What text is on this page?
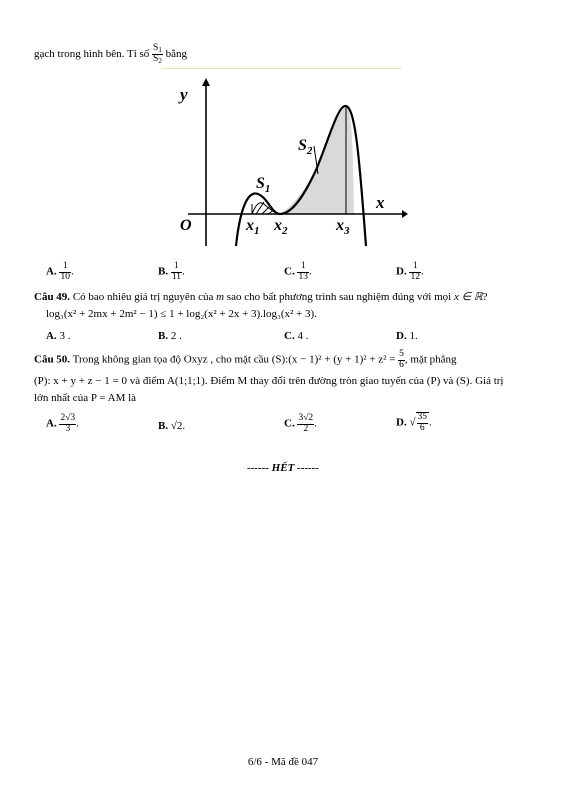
gạch trong hình bên. Tỉ số $\frac{S_1}{S_2}$ bằng
y
x
O
$S_1$
$S_2$
$x_1$ $x_2$	$x_3$
A. $\frac{1}{10}$ .	B. $\frac{1}{11}$ .	C. $\frac{1}{13}$ .	D. $\frac{1}{12}$ .
Câu 49. Có bao nhiêu giá trị nguyên của m sao cho bất phương trình sau nghiệm đúng với mọi x ∈ ℝ?
log₃(x² + 2mx + 2m² − 1) ≤ 1 + log₂(x² + 2x + 3).log₃(x² + 3).
A. 3 .	B. 2 .	C. 4 .	D. 1.
Câu 50. Trong không gian tọa độ Oxyz , cho mặt cầu (S):(x − $1)^2 + (y + 1)^2 + z^2 = \frac{5}{6}$ , mặt phẳng
(P): x + y + z − 1 = 0 và điểm A(1;1;1). Điểm M thay đổi trên đường tròn giao tuyến của (P) và (S). Giá trị
lớn nhất của P = AM là
A. $\frac{2√3}{3}$ .	B. √2.	C. $\frac{3√2}{2}$ .	D. √ $\frac{35}{6}$ .
------ HẾT ------
6/6 - Mã đề 047
